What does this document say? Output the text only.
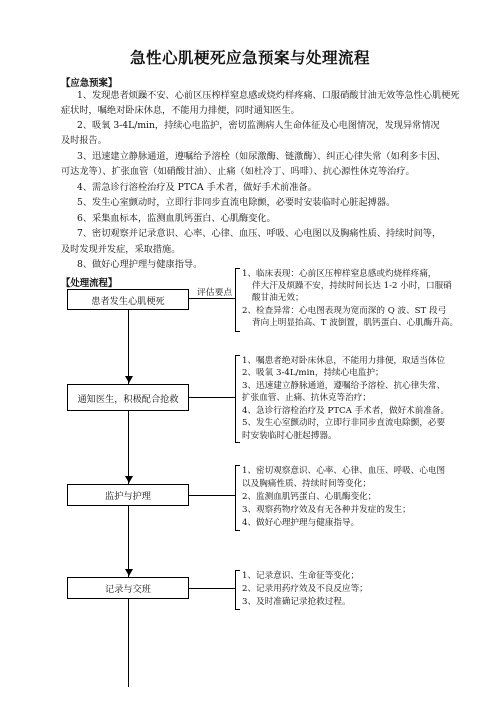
急性心肌梗死应急预案与处理流程
【应急预案】
1、发现患者烦躁不安、心前区压榨样窒息感或烧灼样疼痛、口服硝酸甘油无效等急性心肌梗死
症状时，嘱绝对卧床休息，不能用力排便，同时通知医生。
2、吸氧 3-4L/min，持续心电监护，密切监测病人生命体征及心电图情况，发现异常情况
及时报告。
3、迅速建立静脉通道，遵嘱给予溶栓（如尿激酶、链激酶）、纠正心律失常（如利多卡因、
可达龙等）、扩张血管（如硝酸甘油）、止痛（如杜冷丁、吗啡）、抗心源性休克等治疗。
4、需急诊行溶栓治疗及 PTCA 手术者，做好手术前准备。
5、发生心室颤动时，立即行非同步直流电除颤，必要时安装临时心脏起搏器。
6、采集血标本，监测血肌钙蛋白、心肌酶变化。
7、密切观察并记录意识、心率、心律、血压、呼吸、心电图以及胸痛性质、持续时间等，
及时发现并发症，采取措施。
8、做好心理护理与健康指导。
【处理流程】
患者发生心肌梗死
通知医生，积极配合抢救
监护与护理
记录与交班
评估要点
1、临床表现：心前区压榨样窒息感或灼烧样疼痛，
伴大汗及烦躁不安，持续时间长达 1-2 小时，口服硝
酸甘油无效；
2、检查异常：心电图表现为宽而深的 Q 波、ST 段弓
背向上明显抬高、T 波倒置，肌钙蛋白、心肌酶升高。
1、嘱患者绝对卧床休息，不能用力排便，取适当体位
2、吸氧 3-4L/min，持续心电监护；
3、迅速建立静脉通道，遵嘱给予溶栓、抗心律失常、
扩张血管、止痛、抗休克等治疗；
4、急诊行溶栓治疗及 PTCA 手术者，做好术前准备。
5、发生心室颤动时，立即行非同步直流电除颤，必要
时安装临时心脏起搏器。
1、密切观察意识、心率、心律、血压、呼吸、心电图
以及胸痛性质、持续时间等变化；
2、监测血肌钙蛋白、心肌酶变化；
3、观察药物疗效及有无各种并发症的发生；
4、做好心理护理与健康指导。
1、记录意识、生命征等变化；
2、记录用药疗效及不良反应等；
3、及时准确记录抢救过程。
